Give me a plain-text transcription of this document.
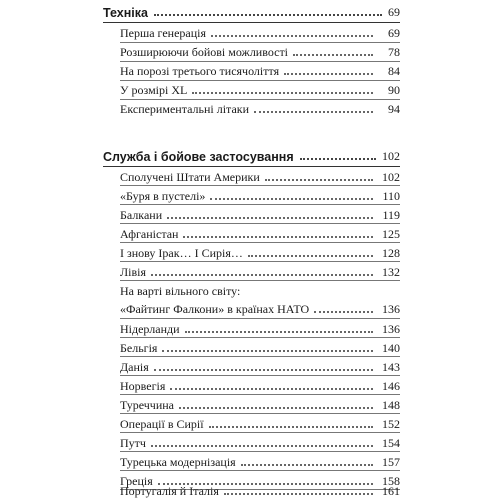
Техніка	69
Перша генерація	69
Розширюючи бойові можливості	78
На порозі третього тисячоліття	84
У розмірі XL	90
Експериментальні літаки	94
Служба і бойове застосування	102
Сполучені Штати Америки	102
«Буря в пустелі»	110
Балкани	119
Афганістан	125
І знову Ірак… І Сирія…	128
Лівія	132
На варті вільного світу:
«Файтинг Фалкони» в країнах НАТО	136
Нідерланди	136
Бельгія	140
Данія	143
Норвегія	146
Туреччина	148
Операції в Сирії	152
Путч	154
Турецька модернізація	157
Греція	158
Португалія й Італія	161
